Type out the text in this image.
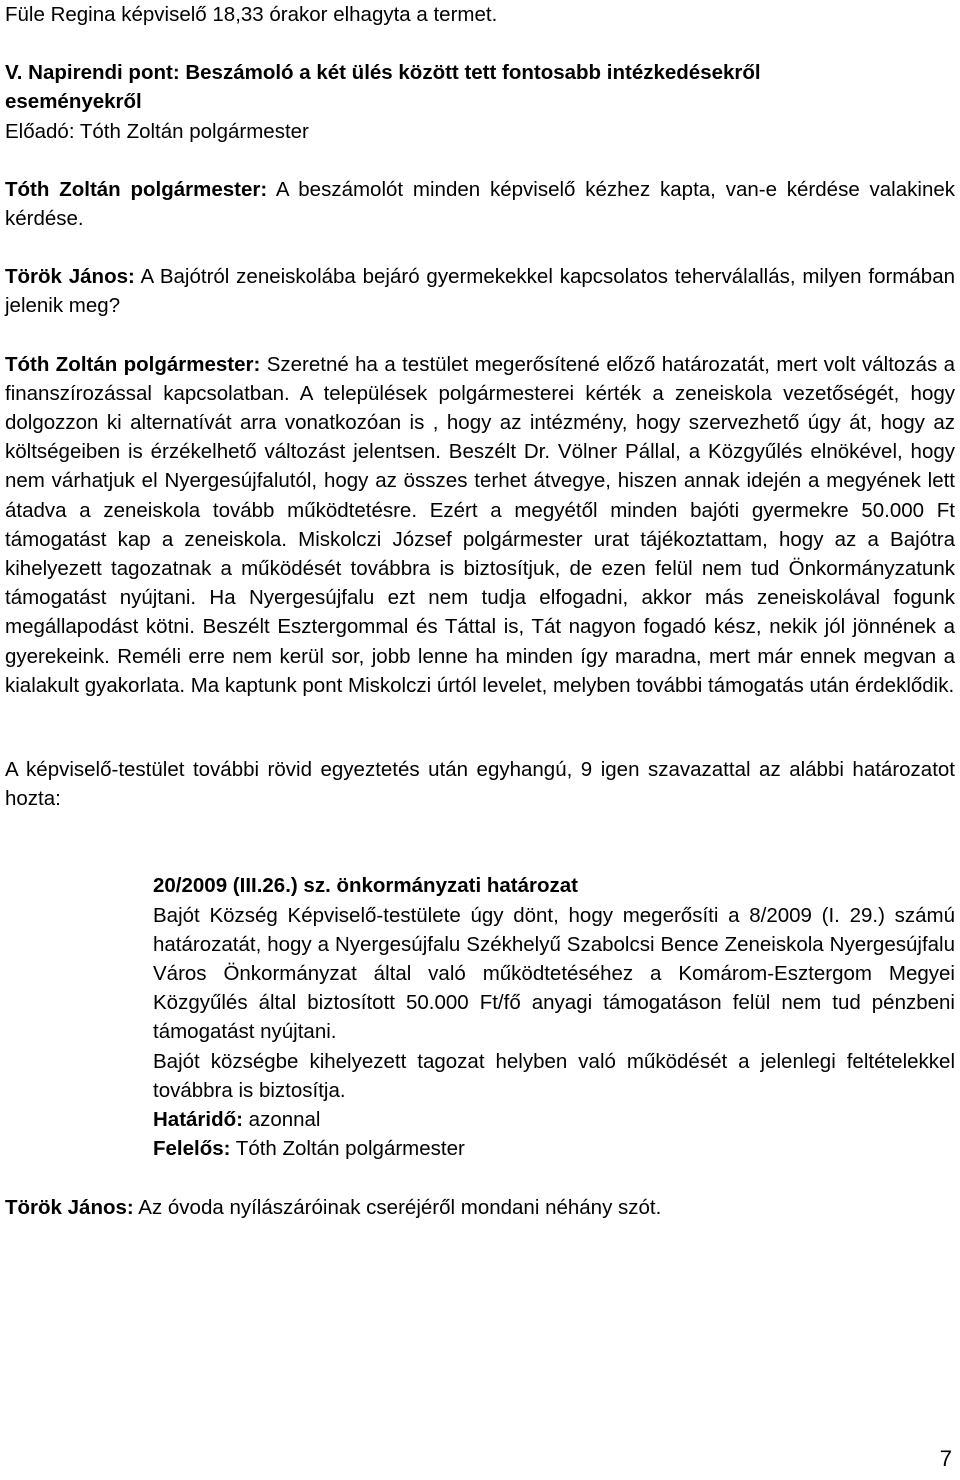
Füle Regina képviselő 18,33 órakor elhagyta a termet.

V. Napirendi pont: Beszámoló a két ülés között tett fontosabb intézkedésekről

eseményekről

Előadó: Tóth Zoltán polgármester

Tóth Zoltán polgármester: A beszámolót minden képviselő kézhez kapta, van-e kérdése valakinek kérdése.

Török János: A Bajótról zeneiskolába bejáró gyermekekkel kapcsolatos teherválallás, milyen formában jelenik meg?

Tóth Zoltán polgármester: Szeretné ha a testület megerősítené előző határozatát, mert volt változás a finanszírozással kapcsolatban. A települések polgármesterei kérték a zeneiskola vezetőségét, hogy dolgozzon ki alternatívát arra vonatkozóan is , hogy az intézmény, hogy szervezhető úgy át, hogy az költségeiben is érzékelhető változást jelentsen. Beszélt Dr. Völner Pállal, a Közgyűlés elnökével, hogy nem várhatjuk el Nyergesújfalutól, hogy az összes terhet átvegye, hiszen annak idején a megyének lett átadva a zeneiskola tovább működtetésre. Ezért a megyétől minden bajóti gyermekre 50.000 Ft támogatást kap a zeneiskola. Miskolczi József polgármester urat tájékoztattam, hogy az a Bajótra kihelyezett tagozatnak a működését továbbra is biztosítjuk, de ezen felül nem tud Önkormányzatunk támogatást nyújtani. Ha Nyergesújfalu ezt nem tudja elfogadni, akkor más zeneiskolával fogunk megállapodást kötni. Beszélt Esztergommal és Táttal is, Tát nagyon fogadó kész, nekik jól jönnének a gyerekeink. Reméli erre nem kerül sor, jobb lenne ha minden így maradna, mert már ennek megvan a kialakult gyakorlata. Ma kaptunk pont Miskolczi úrtól levelet, melyben további támogatás után érdeklődik.

A képviselő-testület további rövid egyeztetés után egyhangú, 9 igen szavazattal az alábbi határozatot hozta:

20/2009 (III.26.) sz. önkormányzati határozat

Bajót Község Képviselő-testülete úgy dönt, hogy megerősíti a 8/2009 (I. 29.) számú határozatát, hogy a Nyergesújfalu Székhelyű Szabolcsi Bence Zeneiskola Nyergesújfalu Város Önkormányzat által való működtetéséhez a Komárom-Esztergom Megyei Közgyűlés által biztosított 50.000 Ft/fő anyagi támogatáson felül nem tud pénzbeni támogatást nyújtani.

Bajót községbe kihelyezett tagozat helyben való működését a jelenlegi feltételekkel továbbra is biztosítja.

Határidő: azonnal

Felelős: Tóth Zoltán polgármester

Török János: Az óvoda nyílászáróinak cseréjéről mondani néhány szót.

7
